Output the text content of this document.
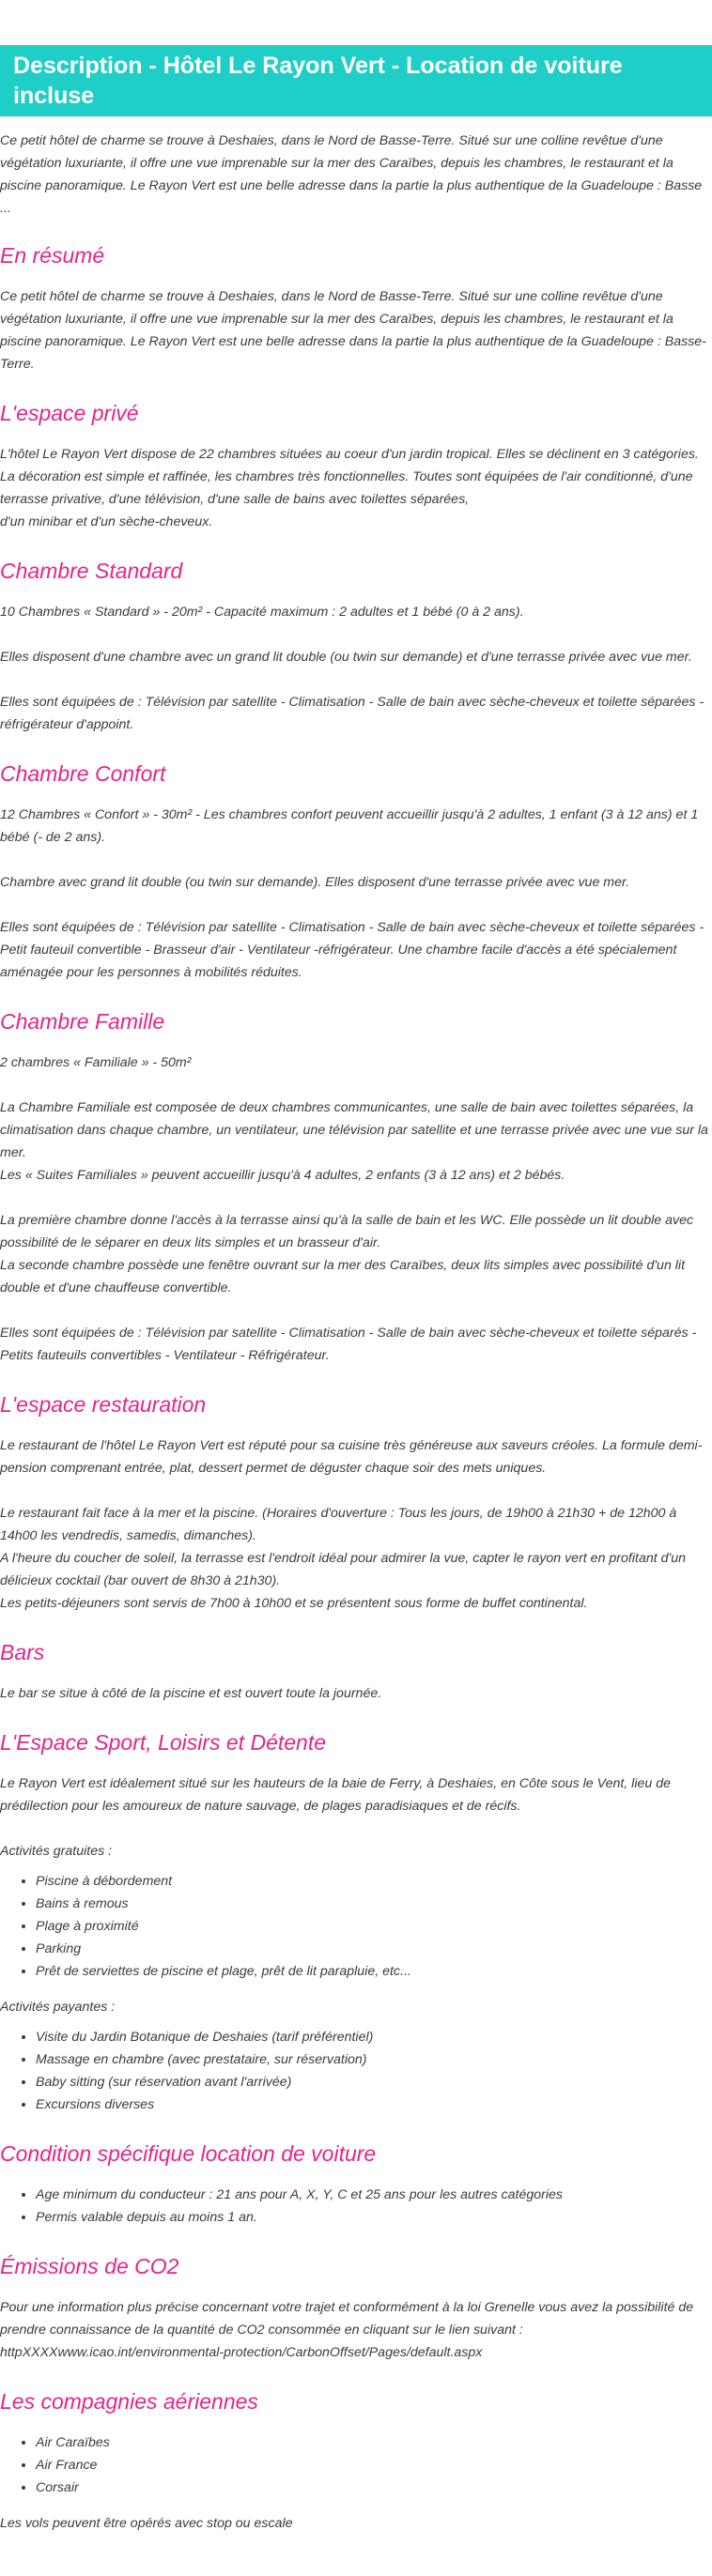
Description - Hôtel Le Rayon Vert - Location de voiture incluse

Ce petit hôtel de charme se trouve à Deshaies, dans le Nord de Basse-Terre. Situé sur une colline revêtue d'une végétation luxuriante, il offre une vue imprenable sur la mer des Caraïbes, depuis les chambres, le restaurant et la piscine panoramique. Le Rayon Vert est une belle adresse dans la partie la plus authentique de la Guadeloupe : Basse ...

En résumé

Ce petit hôtel de charme se trouve à Deshaies, dans le Nord de Basse-Terre. Situé sur une colline revêtue d'une végétation luxuriante, il offre une vue imprenable sur la mer des Caraïbes, depuis les chambres, le restaurant et la piscine panoramique. Le Rayon Vert est une belle adresse dans la partie la plus authentique de la Guadeloupe : Basse-Terre.

L'espace privé

L'hôtel Le Rayon Vert dispose de 22 chambres situées au coeur d'un jardin tropical. Elles se déclinent en 3 catégories. La décoration est simple et raffinée, les chambres très fonctionnelles. Toutes sont équipées de l'air conditionné, d'une terrasse privative, d'une télévision, d'une salle de bains avec toilettes séparées,
d'un minibar et d'un sèche-cheveux.

Chambre Standard

10 Chambres « Standard » - 20m² - Capacité maximum : 2 adultes et 1 bébé (0 à 2 ans).

Elles disposent d'une chambre avec un grand lit double (ou twin sur demande) et d'une terrasse privée avec vue mer.

Elles sont équipées de : Télévision par satellite - Climatisation - Salle de bain avec sèche-cheveux et toilette séparées - réfrigérateur d'appoint.

Chambre Confort

12 Chambres « Confort » - 30m² - Les chambres confort peuvent accueillir jusqu'à 2 adultes, 1 enfant (3 à 12 ans) et 1 bébé (- de 2 ans).

Chambre avec grand lit double (ou twin sur demande). Elles disposent d'une terrasse privée avec vue mer.

Elles sont équipées de : Télévision par satellite - Climatisation - Salle de bain avec sèche-cheveux et toilette séparées - Petit fauteuil convertible - Brasseur d'air - Ventilateur -réfrigérateur. Une chambre facile d'accès a été spécialement aménagée pour les personnes à mobilités réduites.

Chambre Famille

2 chambres « Familiale » - 50m²

La Chambre Familiale est composée de deux chambres communicantes, une salle de bain avec toilettes séparées, la climatisation dans chaque chambre, un ventilateur, une télévision par satellite et une terrasse privée avec une vue sur la mer.
Les « Suites Familiales » peuvent accueillir jusqu'à 4 adultes, 2 enfants (3 à 12 ans) et 2 bébés.

La première chambre donne l'accès à la terrasse ainsi qu'à la salle de bain et les WC. Elle possède un lit double avec possibilité de le séparer en deux lits simples et un brasseur d'air.
La seconde chambre possède une fenêtre ouvrant sur la mer des Caraïbes, deux lits simples avec possibilité d'un lit double et d'une chauffeuse convertible.

Elles sont équipées de : Télévision par satellite - Climatisation - Salle de bain avec sèche-cheveux et toilette séparés - Petits fauteuils convertibles - Ventilateur - Réfrigérateur.

L'espace restauration

Le restaurant de l'hôtel Le Rayon Vert est réputé pour sa cuisine très généreuse aux saveurs créoles. La formule demi-pension comprenant entrée, plat, dessert permet de déguster chaque soir des mets uniques.

Le restaurant fait face à la mer et la piscine. (Horaires d'ouverture : Tous les jours, de 19h00 à 21h30 + de 12h00 à 14h00 les vendredis, samedis, dimanches).
A l'heure du coucher de soleil, la terrasse est l'endroit idéal pour admirer la vue, capter le rayon vert en profitant d'un délicieux cocktail (bar ouvert de 8h30 à 21h30).
Les petits-déjeuners sont servis de 7h00 à 10h00 et se présentent sous forme de buffet continental.

Bars

Le bar se situe à côté de la piscine et est ouvert toute la journée.

L'Espace Sport, Loisirs et Détente

Le Rayon Vert est idéalement situé sur les hauteurs de la baie de Ferry, à Deshaies, en Côte sous le Vent, lieu de prédilection pour les amoureux de nature sauvage, de plages paradisiaques et de récifs.

Activités gratuites :

• Piscine à débordement
• Bains à remous
• Plage à proximité
• Parking
• Prêt de serviettes de piscine et plage, prêt de lit parapluie, etc...

Activités payantes :

• Visite du Jardin Botanique de Deshaies (tarif préférentiel)
• Massage en chambre (avec prestataire, sur réservation)
• Baby sitting (sur réservation avant l'arrivée)
• Excursions diverses
Condition spécifique location de voiture
• Age minimum du conducteur : 21 ans pour A, X, Y, C et 25 ans pour les autres catégories
• Permis valable depuis au moins 1 an.
Émissions de CO2

Pour une information plus précise concernant votre trajet et conformément à la loi Grenelle vous avez la possibilité de prendre connaissance de la quantité de CO2 consommée en cliquant sur le lien suivant : httpXXXXwww.icao.int/environmental-protection/CarbonOffset/Pages/default.aspx

Les compagnies aériennes
• Air Caraïbes
• Air France
• Corsair

Les vols peuvent être opérés avec stop ou escale
